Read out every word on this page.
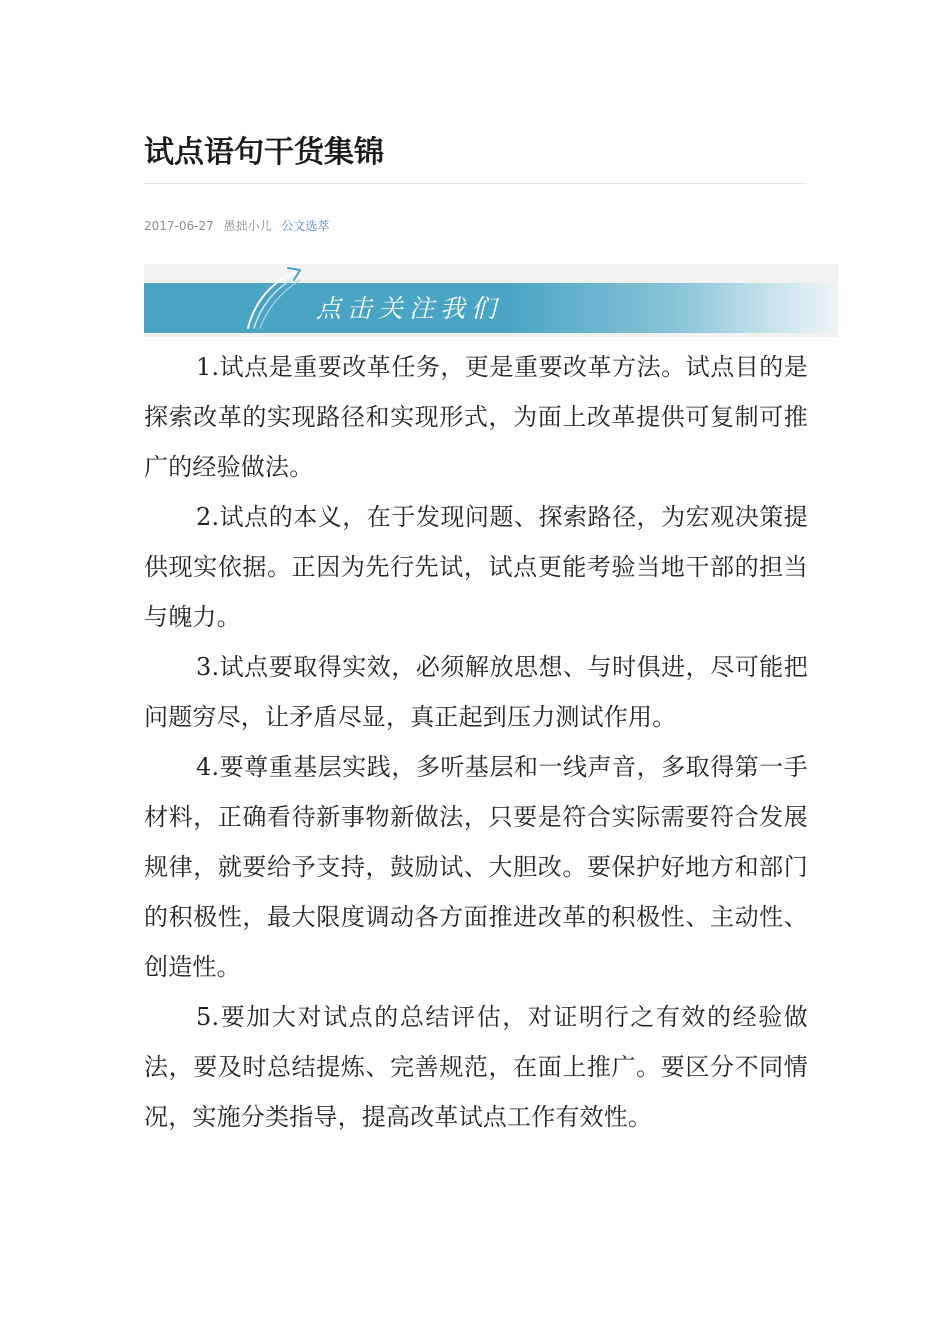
试点语句干货集锦
2017-06-27 愚拙小儿 公文选萃
点击关注我们

1.试点是重要改革任务，更是重要改革方法。试点目的是探索改革的实现路径和实现形式，为面上改革提供可复制可推广的经验做法。

2.试点的本义，在于发现问题、探索路径，为宏观决策提供现实依据。正因为先行先试，试点更能考验当地干部的担当与魄力。

3.试点要取得实效，必须解放思想、与时俱进，尽可能把问题穷尽，让矛盾尽显，真正起到压力测试作用。

4.要尊重基层实践，多听基层和一线声音，多取得第一手材料，正确看待新事物新做法，只要是符合实际需要符合发展规律，就要给予支持，鼓励试、大胆改。要保护好地方和部门的积极性，最大限度调动各方面推进改革的积极性、主动性、创造性。

5.要加大对试点的总结评估，对证明行之有效的经验做法，要及时总结提炼、完善规范，在面上推广。要区分不同情况，实施分类指导，提高改革试点工作有效性。
